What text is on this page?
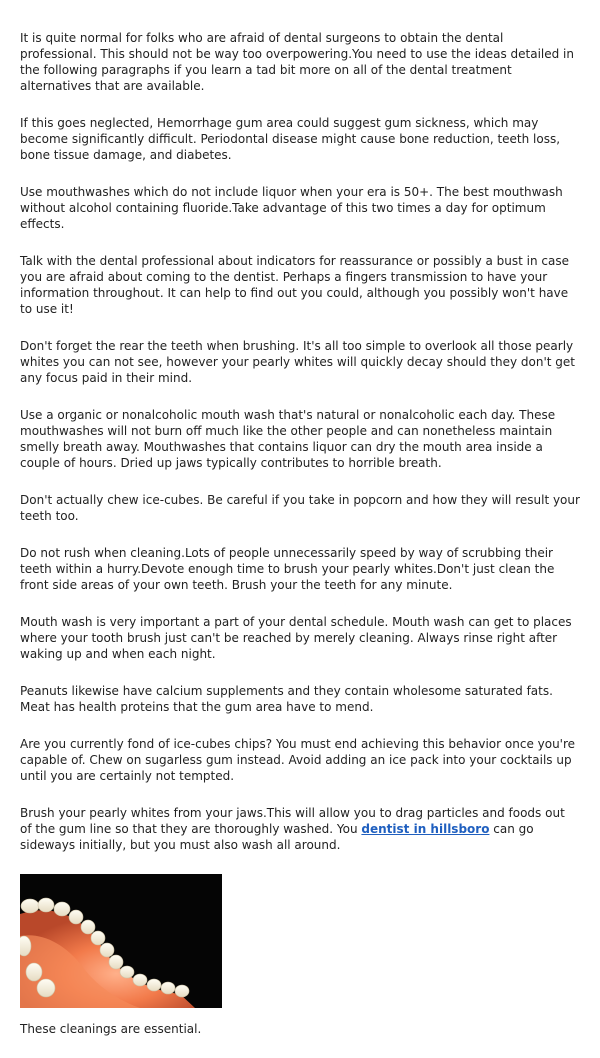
It is quite normal for folks who are afraid of dental surgeons to obtain the dental professional. This should not be way too overpowering.You need to use the ideas detailed in the following paragraphs if you learn a tad bit more on all of the dental treatment alternatives that are available.

If this goes neglected, Hemorrhage gum area could suggest gum sickness, which may become significantly difficult. Periodontal disease might cause bone reduction, teeth loss, bone tissue damage, and diabetes.

Use mouthwashes which do not include liquor when your era is 50+. The best mouthwash without alcohol containing fluoride.Take advantage of this two times a day for optimum effects.

Talk with the dental professional about indicators for reassurance or possibly a bust in case you are afraid about coming to the dentist. Perhaps a fingers transmission to have your information throughout. It can help to find out you could, although you possibly won't have to use it!

Don't forget the rear the teeth when brushing. It's all too simple to overlook all those pearly whites you can not see, however your pearly whites will quickly decay should they don't get any focus paid in their mind.

Use a organic or nonalcoholic mouth wash that's natural or nonalcoholic each day. These mouthwashes will not burn off much like the other people and can nonetheless maintain smelly breath away. Mouthwashes that contains liquor can dry the mouth area inside a couple of hours. Dried up jaws typically contributes to horrible breath.

Don't actually chew ice-cubes. Be careful if you take in popcorn and how they will result your teeth too.

Do not rush when cleaning.Lots of people unnecessarily speed by way of scrubbing their teeth within a hurry.Devote enough time to brush your pearly whites.Don't just clean the front side areas of your own teeth. Brush your the teeth for any minute.

Mouth wash is very important a part of your dental schedule. Mouth wash can get to places where your tooth brush just can't be reached by merely cleaning. Always rinse right after waking up and when each night.

Peanuts likewise have calcium supplements and they contain wholesome saturated fats. Meat has health proteins that the gum area have to mend.

Are you currently fond of ice-cubes chips? You must end achieving this behavior once you're capable of. Chew on sugarless gum instead. Avoid adding an ice pack into your cocktails up until you are certainly not tempted.

Brush your pearly whites from your jaws.This will allow you to drag particles and foods out of the gum line so that they are thoroughly washed. You dentist in hillsboro can go sideways initially, but you must also wash all around.

These cleanings are essential.
